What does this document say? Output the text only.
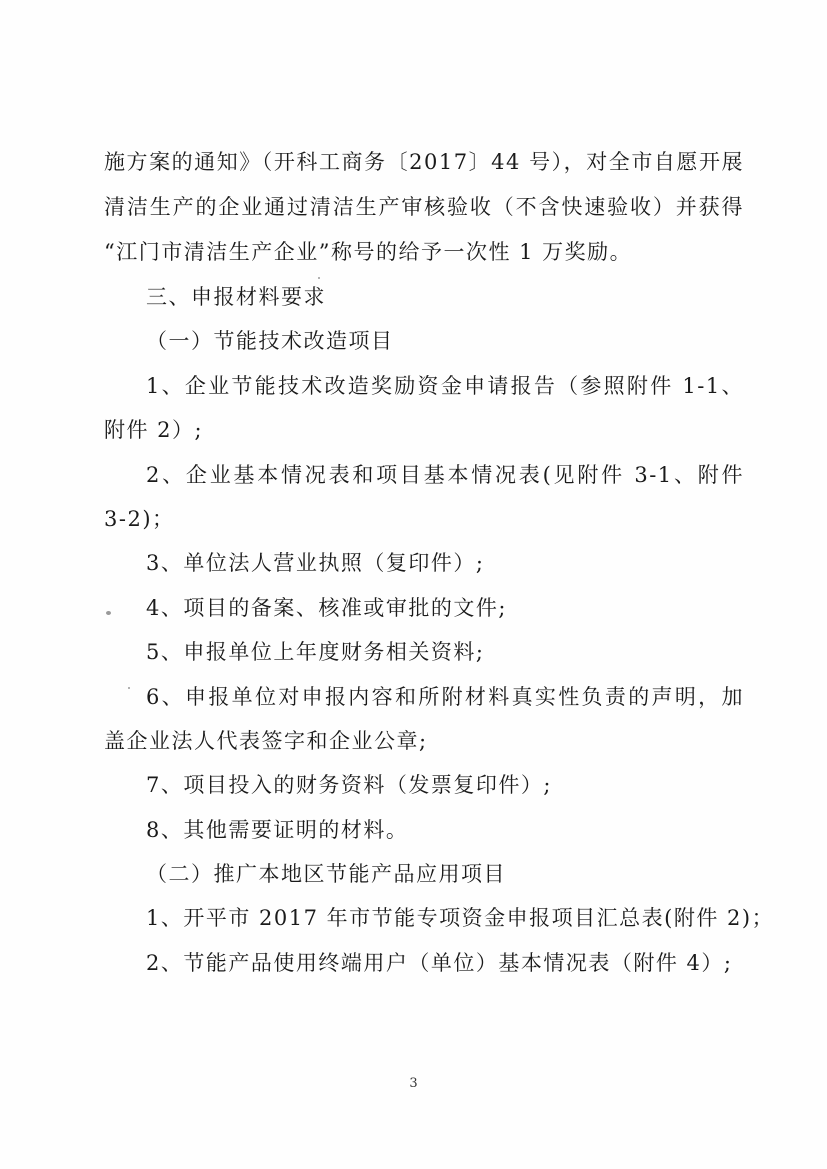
施方案的通知》（开科工商务〔2017〕44 号），对全市自愿开展
清洁生产的企业通过清洁生产审核验收（不含快速验收）并获得
“江门市清洁生产企业”称号的给予一次性 1 万奖励。
三、申报材料要求
（一）节能技术改造项目
1、企业节能技术改造奖励资金申请报告（参照附件 1-1、
附件 2）;
2、企业基本情况表和项目基本情况表(见附件 3-1、附件
3-2)；
3、单位法人营业执照（复印件）;
4、项目的备案、核准或审批的文件;
5、申报单位上年度财务相关资料;
6、申报单位对申报内容和所附材料真实性负责的声明，加
盖企业法人代表签字和企业公章;
7、项目投入的财务资料（发票复印件）;
8、其他需要证明的材料。
（二）推广本地区节能产品应用项目
1、开平市 2017 年市节能专项资金申报项目汇总表(附件 2)；
2、节能产品使用终端用户（单位）基本情况表（附件 4）;
3
